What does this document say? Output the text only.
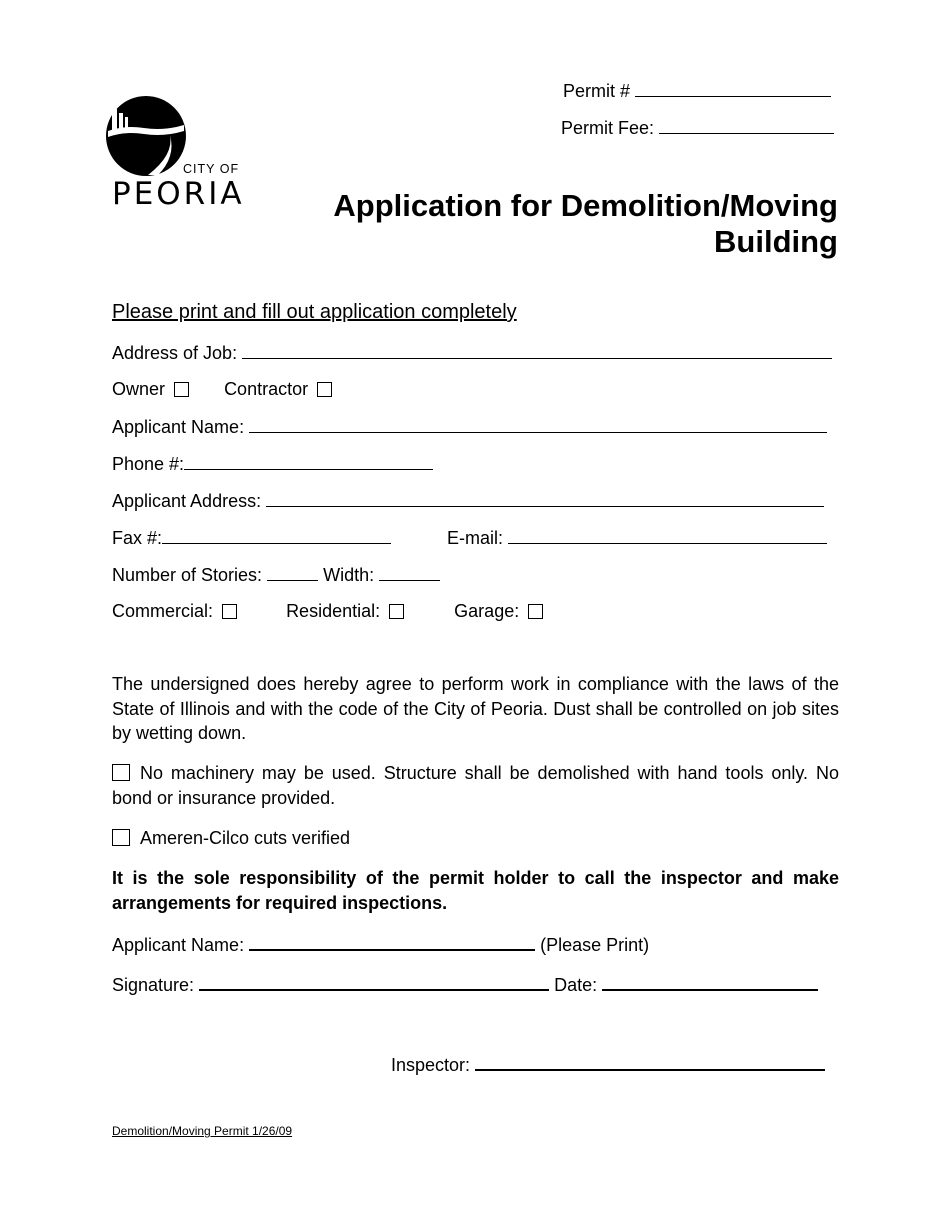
CITY OF
PEORIA
Permit #
Permit Fee:
Application for Demolition/Moving
Building
Please print and fill out application completely
Address of Job:
Owner	Contractor
Applicant Name:
Phone #:
Applicant Address:
Fax #:	E-mail:
Number of Stories:	Width:
Commercial:	Residential:	Garage:
The undersigned does hereby agree to perform work in compliance with the laws of the State of Illinois and with the code of the City of Peoria. Dust shall be controlled on job sites by wetting down.
No machinery may be used. Structure shall be demolished with hand tools only. No bond or insurance provided.
Ameren-Cilco cuts verified
It is the sole responsibility of the permit holder to call the inspector and make arrangements for required inspections.
Applicant Name:	(Please Print)
Signature:	Date:
Inspector:
Demolition/Moving Permit 1/26/09
